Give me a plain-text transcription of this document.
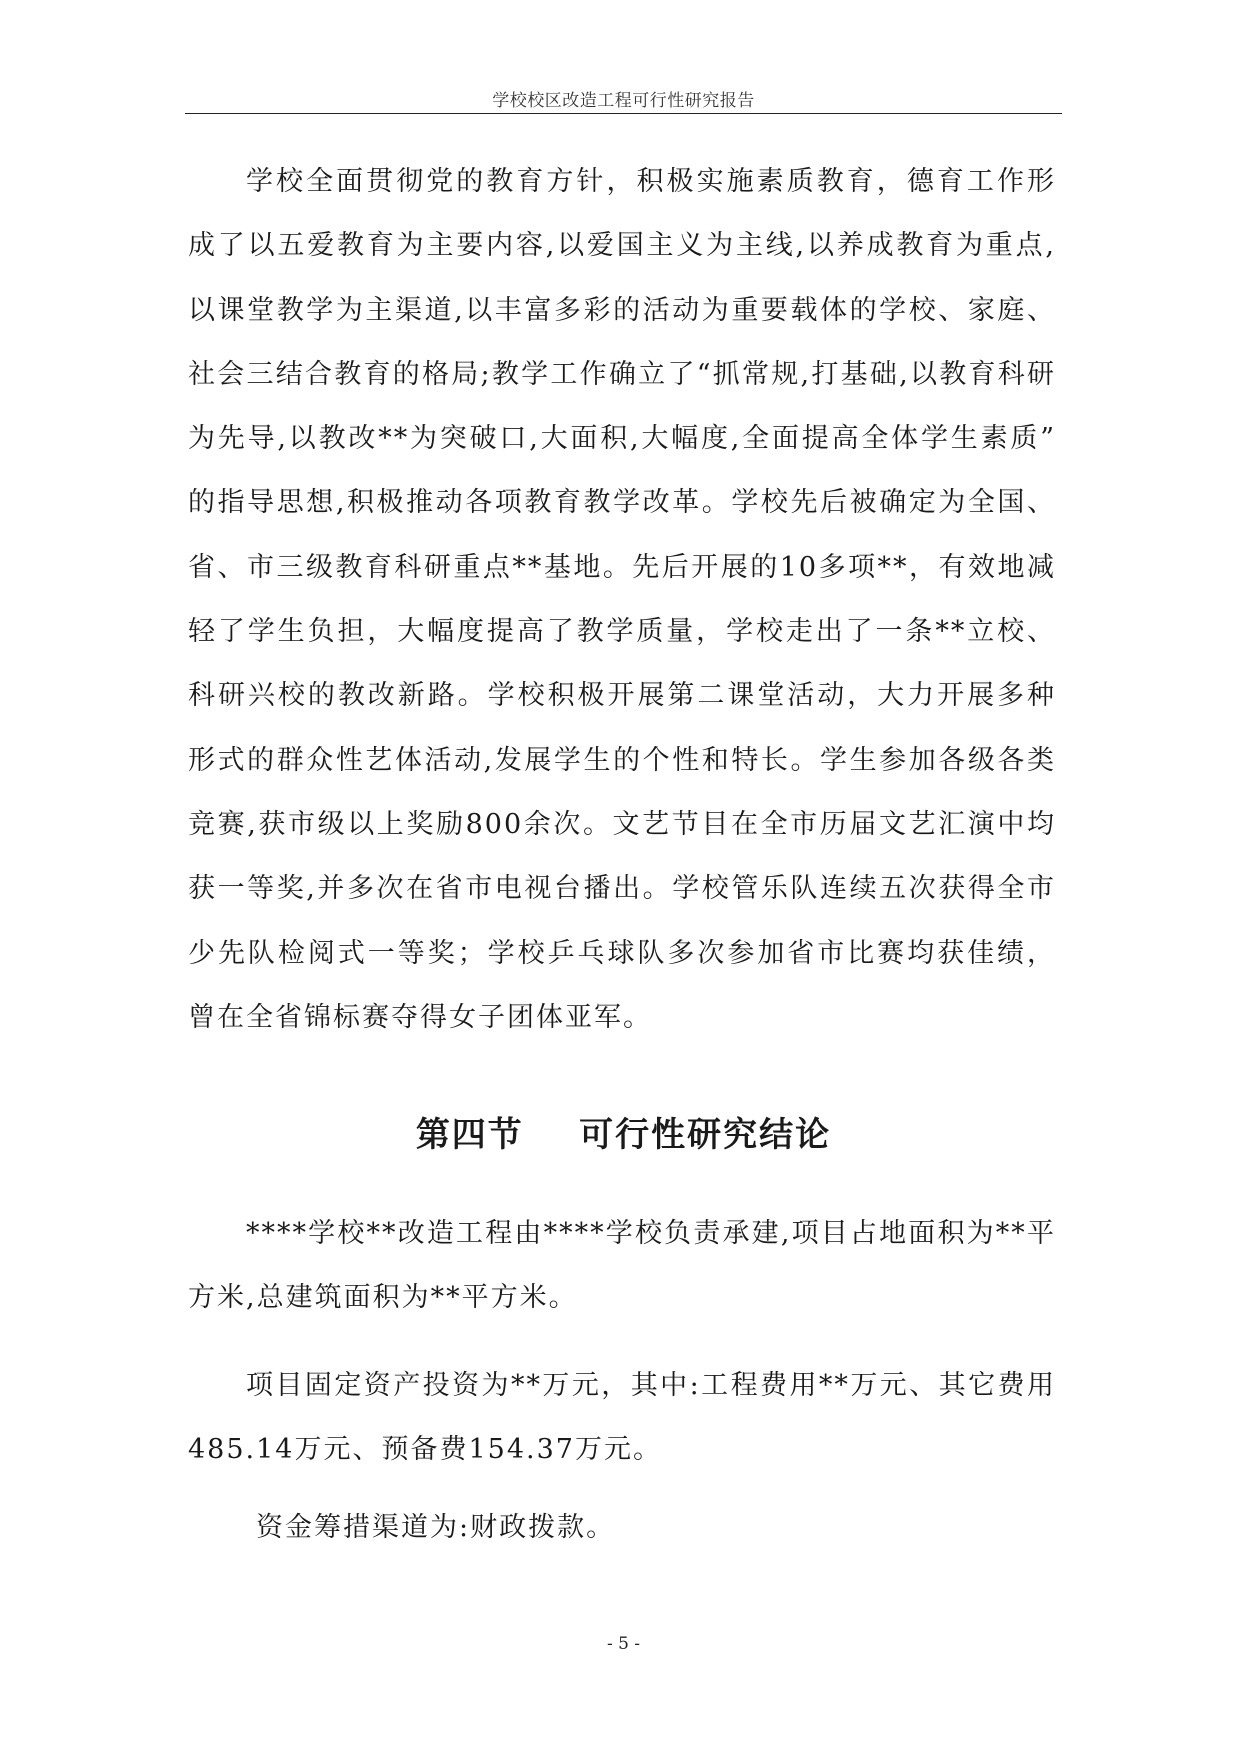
学校校区改造工程可行性研究报告

学校全面贯彻党的教育方针，积极实施素质教育，德育工作形成了以五爱教育为主要内容,以爱国主义为主线,以养成教育为重点,以课堂教学为主渠道,以丰富多彩的活动为重要载体的学校、家庭、社会三结合教育的格局;教学工作确立了“抓常规,打基础,以教育科研为先导,以教改**为突破口,大面积,大幅度,全面提高全体学生素质” 的指导思想,积极推动各项教育教学改革。学校先后被确定为全国、省、市三级教育科研重点**基地。先后开展的10多项**，有效地减轻了学生负担，大幅度提高了教学质量，学校走出了一条**立校、科研兴校的教改新路。学校积极开展第二课堂活动，大力开展多种形式的群众性艺体活动,发展学生的个性和特长。学生参加各级各类竞赛,获市级以上奖励800余次。文艺节目在全市历届文艺汇演中均获一等奖,并多次在省市电视台播出。学校管乐队连续五次获得全市少先队检阅式一等奖；学校乒乓球队多次参加省市比赛均获佳绩，曾在全省锦标赛夺得女子团体亚军。

第四节    可行性研究结论

****学校**改造工程由****学校负责承建,项目占地面积为**平方米,总建筑面积为**平方米。

项目固定资产投资为**万元，其中:工程费用**万元、其它费用485.14万元、预备费154.37万元。

资金筹措渠道为:财政拨款。

- 5 -
